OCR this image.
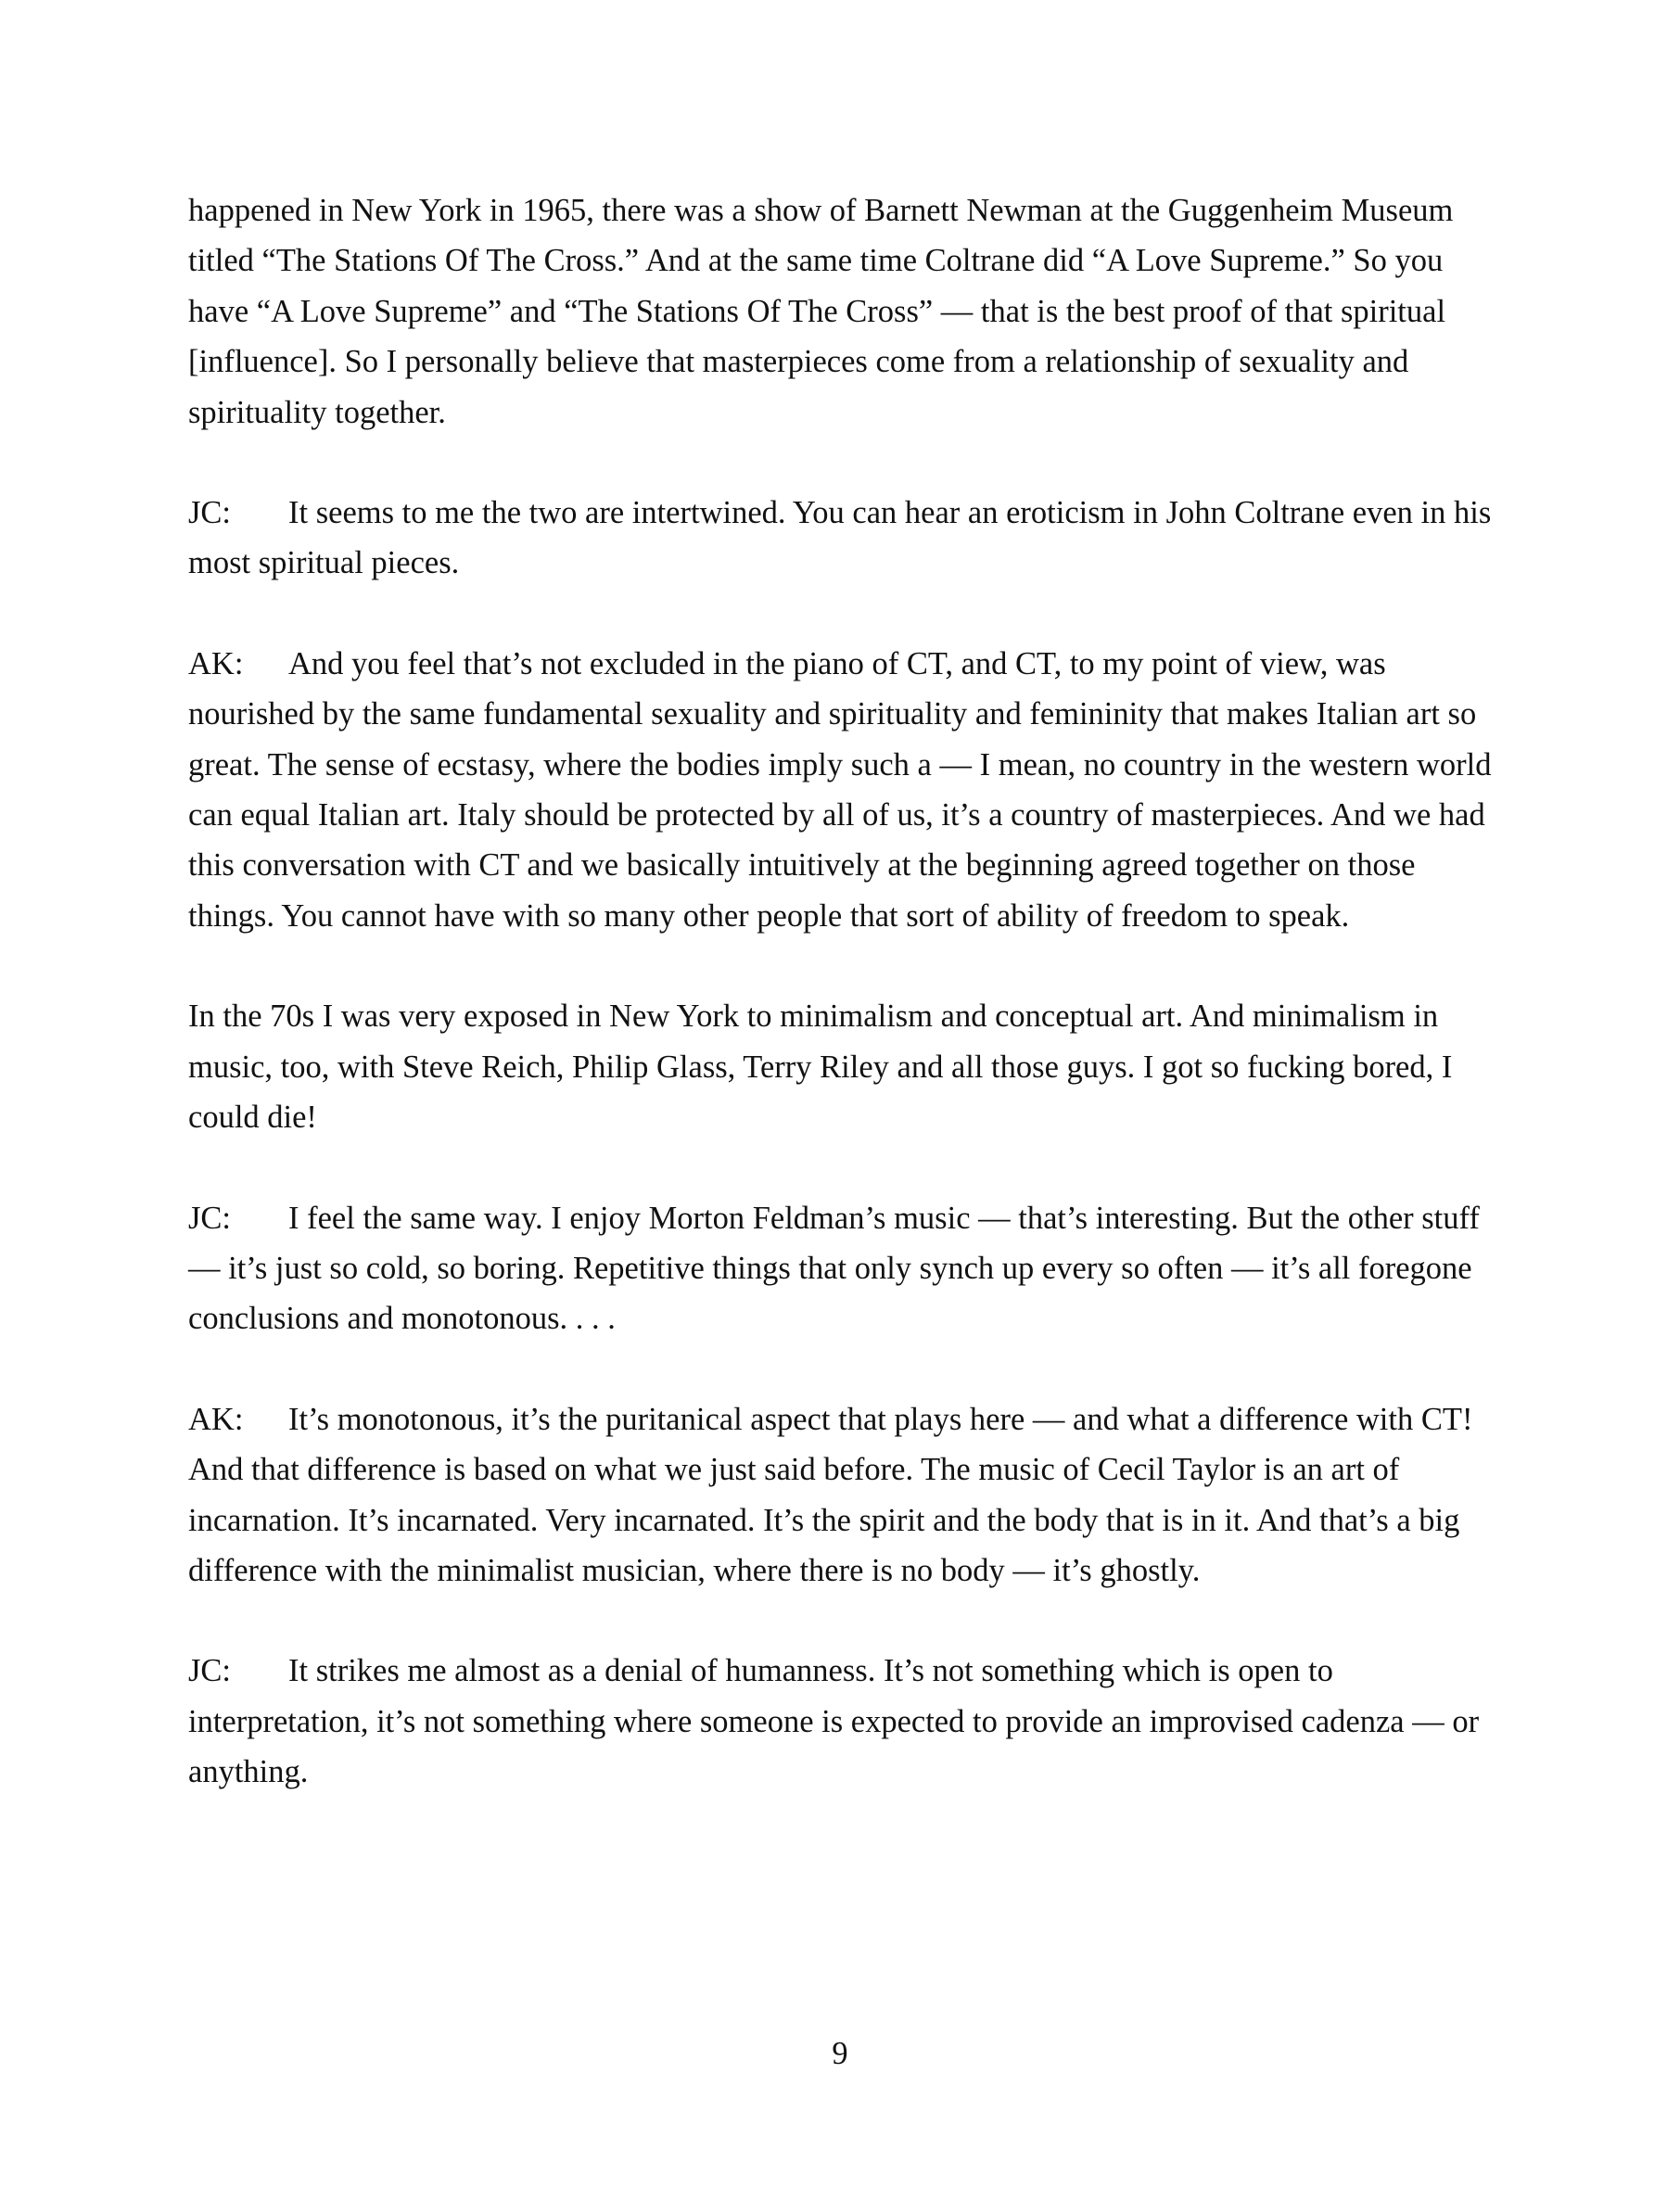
happened in New York in 1965, there was a show of Barnett Newman at the Guggenheim Museum titled “The Stations Of The Cross.” And at the same time Coltrane did “A Love Supreme.” So you have “A Love Supreme” and “The Stations Of The Cross” — that is the best proof of that spiritual [influence]. So I personally believe that masterpieces come from a relationship of sexuality and spirituality together.

JC: It seems to me the two are intertwined. You can hear an eroticism in John Coltrane even in his most spiritual pieces.

AK: And you feel that’s not excluded in the piano of CT, and CT, to my point of view, was nourished by the same fundamental sexuality and spirituality and femininity that makes Italian art so great. The sense of ecstasy, where the bodies imply such a — I mean, no country in the western world can equal Italian art. Italy should be protected by all of us, it’s a country of masterpieces. And we had this conversation with CT and we basically intuitively at the beginning agreed together on those things. You cannot have with so many other people that sort of ability of freedom to speak.

In the 70s I was very exposed in New York to minimalism and conceptual art. And minimalism in music, too, with Steve Reich, Philip Glass, Terry Riley and all those guys. I got so fucking bored, I could die!

JC: I feel the same way. I enjoy Morton Feldman’s music — that’s interesting. But the other stuff — it’s just so cold, so boring. Repetitive things that only synch up every so often — it’s all foregone conclusions and monotonous. . . .

AK: It’s monotonous, it’s the puritanical aspect that plays here — and what a difference with CT! And that difference is based on what we just said before. The music of Cecil Taylor is an art of incarnation. It’s incarnated. Very incarnated. It’s the spirit and the body that is in it. And that’s a big difference with the minimalist musician, where there is no body — it’s ghostly.

JC: It strikes me almost as a denial of humanness. It’s not something which is open to interpretation, it’s not something where someone is expected to provide an improvised cadenza — or anything.

9
